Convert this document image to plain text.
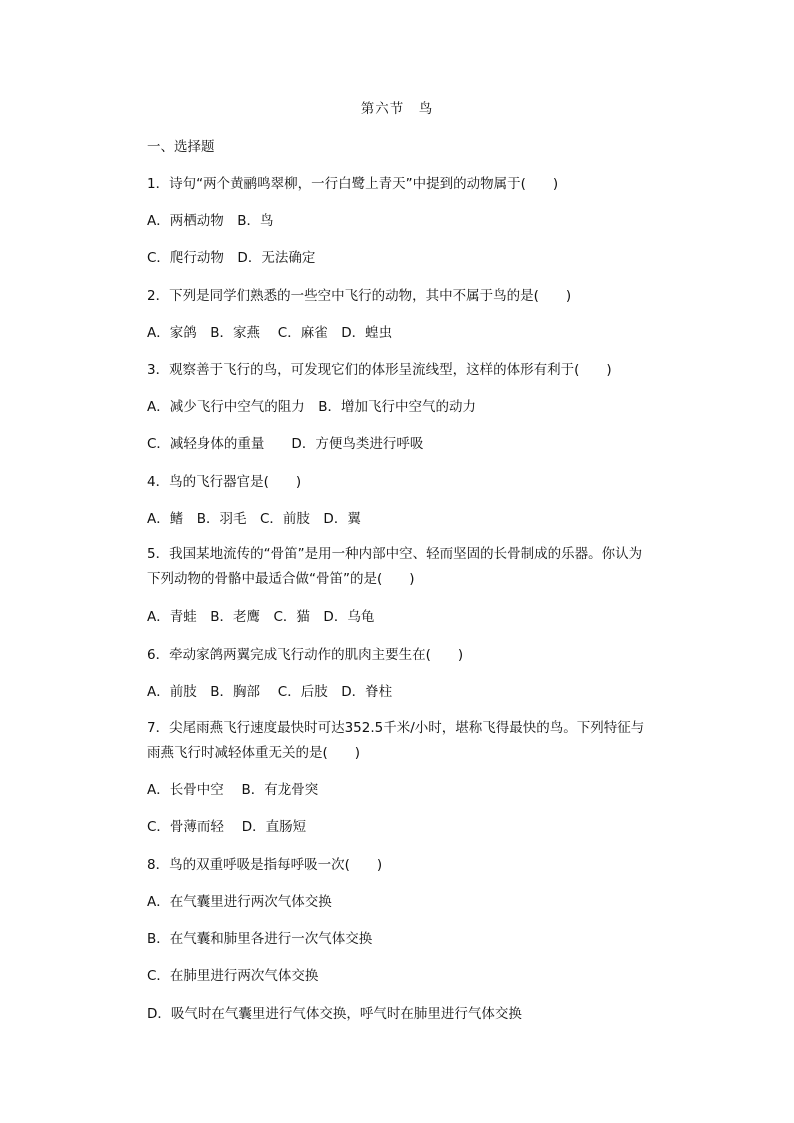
第六节　鸟
一、选择题
1．诗句“两个黄鹂鸣翠柳，一行白鹭上青天”中提到的动物属于(　　)
A．两栖动物　B．鸟
C．爬行动物　D．无法确定
2．下列是同学们熟悉的一些空中飞行的动物，其中不属于鸟的是(　　)
A．家鸽　B．家燕　 C．麻雀　D．蝗虫
3．观察善于飞行的鸟，可发现它们的体形呈流线型，这样的体形有利于(　　)
A．减少飞行中空气的阻力　B．增加飞行中空气的动力
C．减轻身体的重量　　D．方便鸟类进行呼吸
4．鸟的飞行器官是(　　)
A．鳍　B．羽毛　C．前肢　D．翼
5．我国某地流传的“骨笛”是用一种内部中空、轻而坚固的长骨制成的乐器。你认为下列动物的骨骼中最适合做“骨笛”的是(　　)
A．青蛙　B．老鹰　C．猫　D．乌龟
6．牵动家鸽两翼完成飞行动作的肌肉主要生在(　　)
A．前肢　B．胸部　 C．后肢　D．脊柱
7．尖尾雨燕飞行速度最快时可达352.5千米/小时，堪称飞得最快的鸟。下列特征与雨燕飞行时减轻体重无关的是(　　)
A．长骨中空　 B．有龙骨突
C．骨薄而轻　 D．直肠短
8．鸟的双重呼吸是指每呼吸一次(　　)
A．在气囊里进行两次气体交换
B．在气囊和肺里各进行一次气体交换
C．在肺里进行两次气体交换
D．吸气时在气囊里进行气体交换，呼气时在肺里进行气体交换
